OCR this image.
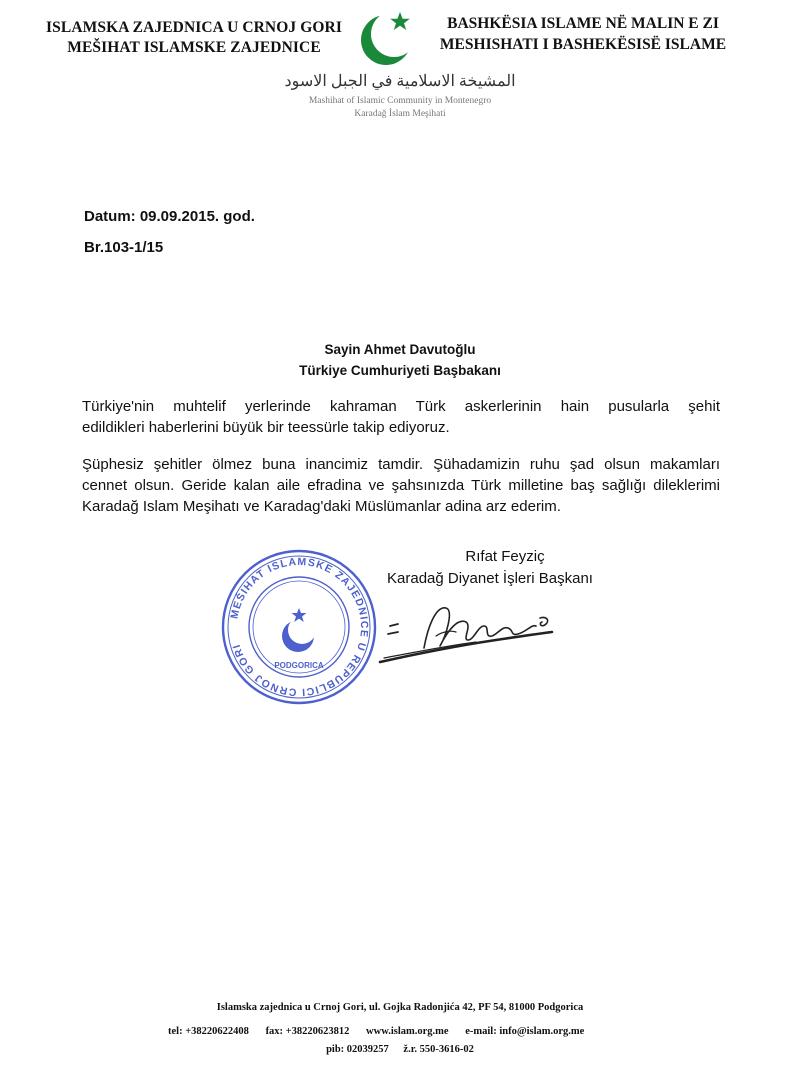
ISLAMSKA ZAJEDNICA U CRNOJ GORI
MEŠIHAT ISLAMSKE ZAJEDNICE
BASHKËSIA ISLAME NË MALIN E ZI
MESHISHATI I BASHEKËSISË ISLAME
المشيخة الاسلامية في الجبل الاسود
Mashihat of Islamic Community in Montenegro
Karadağ İslam Meşihati
Datum: 09.09.2015. god.
Br.103-1/15
Sayin Ahmet Davutoğlu
Türkiye Cumhuriyeti Başbakanı
Türkiye'nin muhtelif yerlerinde kahraman Türk askerlerinin hain pusularla şehit
edildikleri haberlerini büyük bir teessürle takip ediyoruz.
Şüphesiz şehitler ölmez buna inancimiz tamdir. Şühadamizin ruhu şad olsun makamları
cennet olsun. Geride kalan aile efradina ve şahsınızda Türk milletine baş sağlığı dileklerimi
Karadağ Islam Meşihatı ve Karadag'daki Müslümanlar adina arz ederim.
Rıfat Feyziç
Karadağ Diyanet İşleri Başkanı
MEŠIHAT ISLAMSKE ZAJEDNICE U REPUBLICI CRNOJ GORI
PODGORICA
Islamska zajednica u Crnoj Gori, ul. Gojka Radonjića 42, PF 54, 81000 Podgorica
tel: +38220622408 fax: +38220623812 www.islam.org.me e-mail: info@islam.org.me
pib: 02039257 ž.r. 550-3616-02
